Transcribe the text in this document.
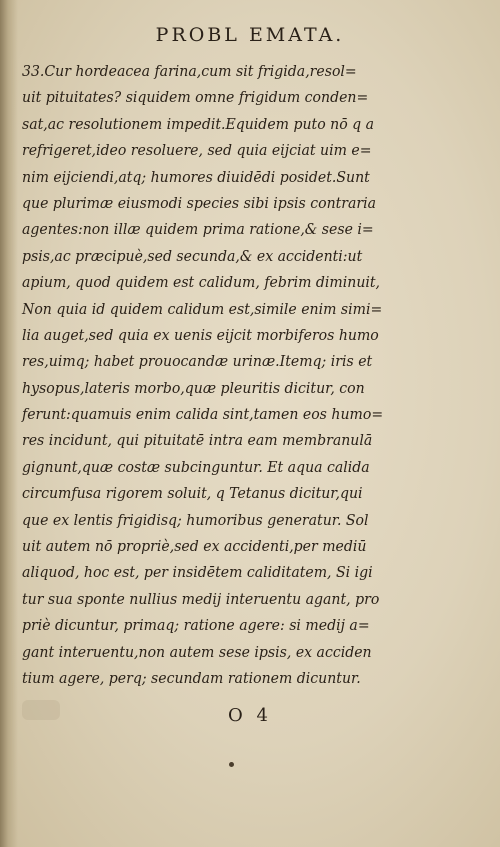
PROBL EMATA.
33.Cur hordeacea farina,cum sit frigida,resol=
uit pituitates? siquidem omne frigidum conden=
sat,ac resolutionem impedit.Equidem puto nō q a
refrigeret,ideo resoluere, sed quia eijciat uim e=
nim eijciendi,atq; humores diuidēdi posidet.Sunt
que plurimæ eiusmodi species sibi ipsis contraria
agentes:non illæ quidem prima ratione,& sese i=
psis,ac præcipuè,sed secunda,& ex accidenti:ut
apium, quod quidem est calidum, febrim diminuit,
Non quia id quidem calidum est,simile enim simi=
lia auget,sed quia ex uenis eijcit morbiferos humo
res,uimq; habet prouocandæ urinæ.Itemq; iris et
hysopus,lateris morbo,quæ pleuritis dicitur, con
ferunt:quamuis enim calida sint,tamen eos humo=
res incidunt, qui pituitatē intra eam membranulā
gignunt,quæ costæ subcinguntur. Et aqua calida
circumfusa rigorem soluit, q Tetanus dicitur,qui
que ex lentis frigidisq; humoribus generatur. Sol
uit autem nō propriè,sed ex accidenti,per mediū
aliquod, hoc est, per insidētem caliditatem, Si igi
tur sua sponte nullius medij interuentu agant, pro
priè dicuntur, primaq; ratione agere: si medij a=
gant interuentu,non autem sese ipsis, ex acciden
tium agere, perq; secundam rationem dicuntur.
O 4
